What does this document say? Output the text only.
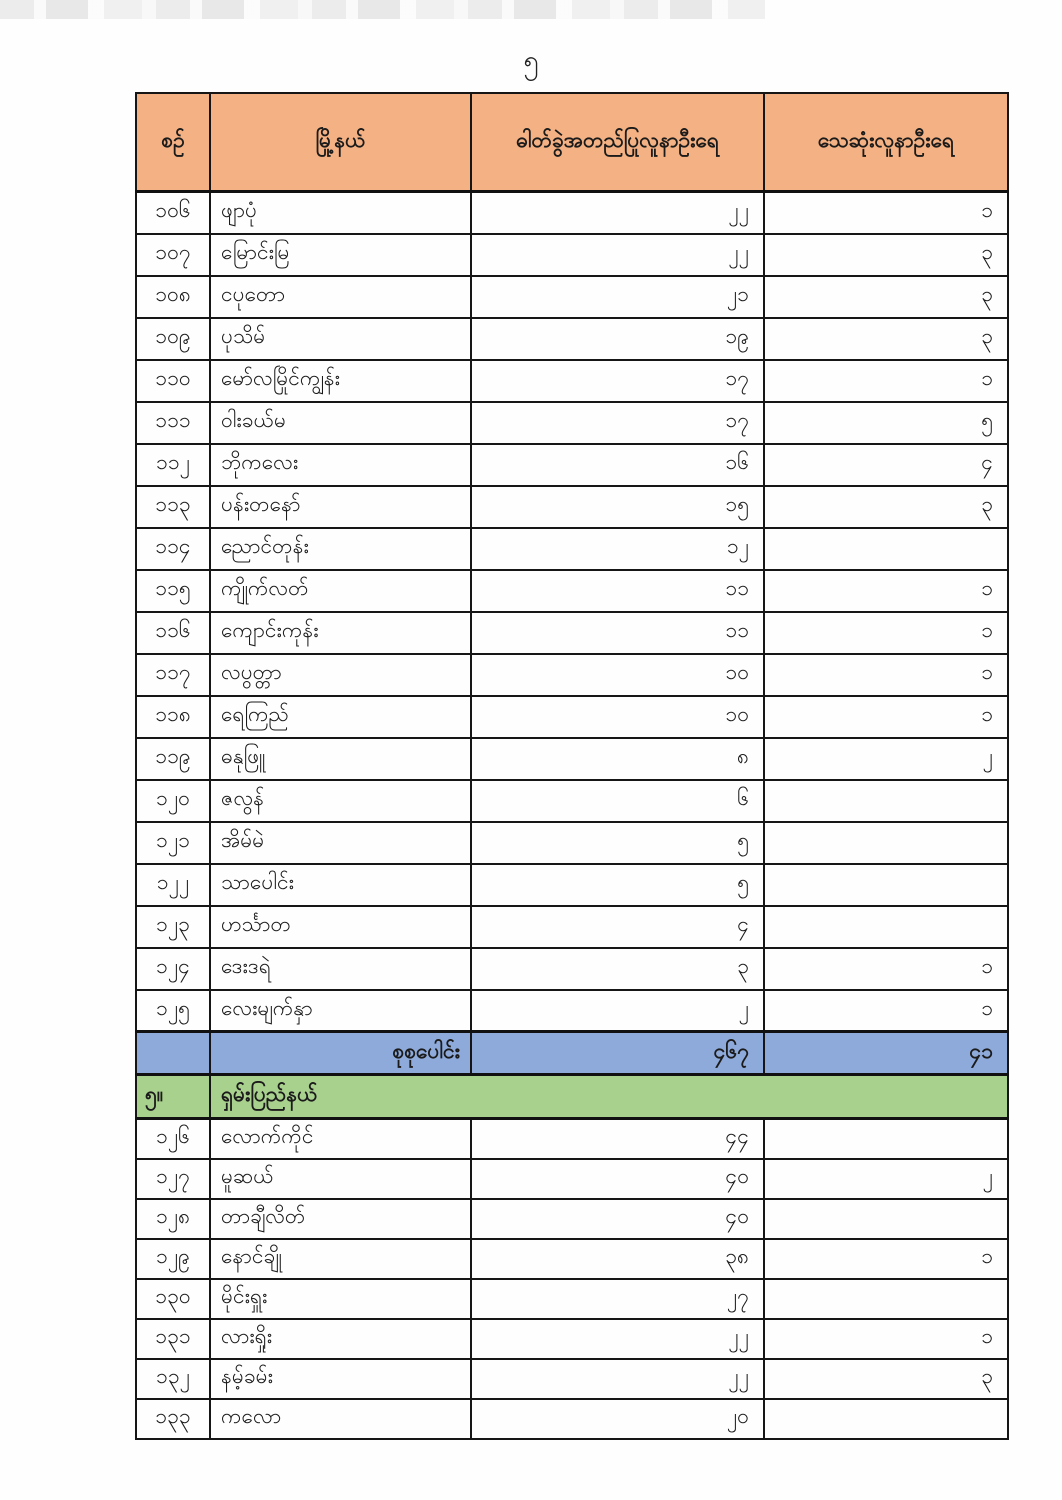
၅
စဉ်	မြို့နယ်	ဓါတ်ခွဲအတည်ပြုလူနာဦးရေ	သေဆုံးလူနာဦးရေ
၁၀၆	ဖျာပုံ	၂၂	၁
၁၀၇	မြောင်းမြ	၂၂	၃
၁၀၈	ငပုတော	၂၁	၃
၁၀၉	ပုသိမ်	၁၉	၃
၁၁၀	မော်လမြိုင်ကျွန်း	၁၇	၁
၁၁၁	ဝါးခယ်မ	၁၇	၅
၁၁၂	ဘိုကလေး	၁၆	၄
၁၁၃	ပန်းတနော်	၁၅	၃
၁၁၄	ညောင်တုန်း	၁၂	
၁၁၅	ကျိုက်လတ်	၁၁	၁
၁၁၆	ကျောင်းကုန်း	၁၁	၁
၁၁၇	လပွတ္တာ	၁၀	၁
၁၁၈	ရေကြည်	၁၀	၁
၁၁၉	ဓနုဖြူ	၈	၂
၁၂၀	ဇလွန်	၆	
၁၂၁	အိမ်မဲ	၅	
၁၂၂	သာပေါင်း	၅	
၁၂၃	ဟင်္သာတ	၄	
၁၂၄	ဒေးဒရဲ	၃	၁
၁၂၅	လေးမျက်နှာ	၂	၁
	စုစုပေါင်း	၄၆၇	၄၁
၅။	ရှမ်းပြည်နယ်		
၁၂၆	လောက်ကိုင်	၄၄	
၁၂၇	မူဆယ်	၄၀	၂
၁၂၈	တာချီလိတ်	၄၀	
၁၂၉	နောင်ချို	၃၈	၁
၁၃၀	မိုင်းရှူး	၂၇	
၁၃၁	လားရှိုး	၂၂	၁
၁၃၂	နမ့်ခမ်း	၂၂	၃
၁၃၃	ကလော	၂၀	
